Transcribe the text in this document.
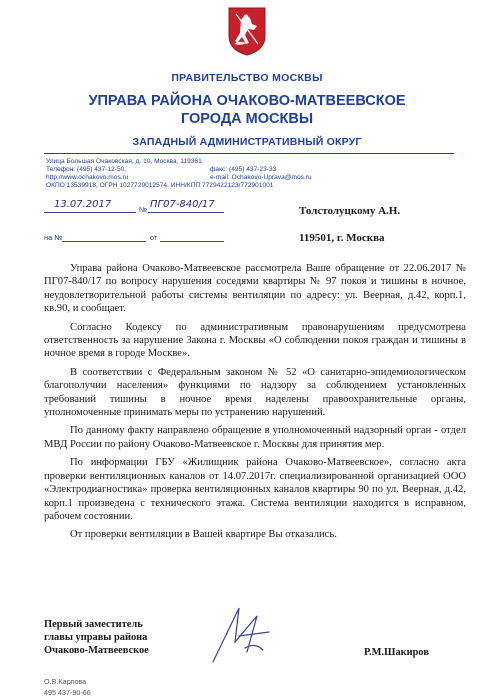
ПРАВИТЕЛЬСТВО МОСКВЫ
УПРАВА РАЙОНА ОЧАКОВО-МАТВЕЕВСКОЕ
ГОРОДА МОСКВЫ
ЗАПАДНЫЙ АДМИНИСТРАТИВНЫЙ ОКРУГ
Улица Большая Очаковская, д. 10, Москва, 119361
Телефон: (495) 437-12-50,	факс: (495) 437-23-33
http://www.ochakovo.mos.ru	e-mail: Ochakovo-Uprava@mos.ru
ОКПО 13539918, ОГРН 1027729012574, ИНН/КПП 7729422123/772901001
13.07.2017	№ ПГ07-840/17
на №	от
Толстолуцкому А.Н.
119501, г. Москва

Управа района Очаково-Матвеевское рассмотрела Ваше обращение от 22.06.2017 № ПГ07-840/17 по вопросу нарушения соседями квартиры № 97 покоя и тишины в ночное, неудовлетворительной работы системы вентиляции по адресу: ул. Веерная, д.42, корп.1, кв.90, и сообщает.

Согласно Кодексу по административным правонарушениям предусмотрена ответственность за нарушение Закона г. Москвы «О соблюдении покоя граждан и тишины в ночное время в городе Москве».

В соответствии с Федеральным законом № 52 «О санитарно-эпидемиологическом благополучии населения» функциями по надзору за соблюдением установленных требований тишины в ночное время наделены правоохранительные органы, уполномоченные принимать меры по устранению нарушений.

По данному факту направлено обращение в уполномоченный надзорный орган - отдел МВД России по району Очаково-Матвеевское г. Москвы для принятия мер.

По информации ГБУ «Жилищник района Очаково-Матвеевское», согласно акта проверки вентиляционных каналов от 14.07.2017г. специализированной организацией ООО «Электродиагностика» проверка вентиляционных каналов квартиры 90 по ул. Веерная, д.42, корп.1 произведена с технического этажа. Система вентиляции находится в исправном, рабочем состоянии.

От проверки вентиляции в Вашей квартире Вы отказались.

Первый заместитель
главы управы района
Очаково-Матвеевское	Р.М.Шакиров
О.В.Карпова
495 437-90-66
